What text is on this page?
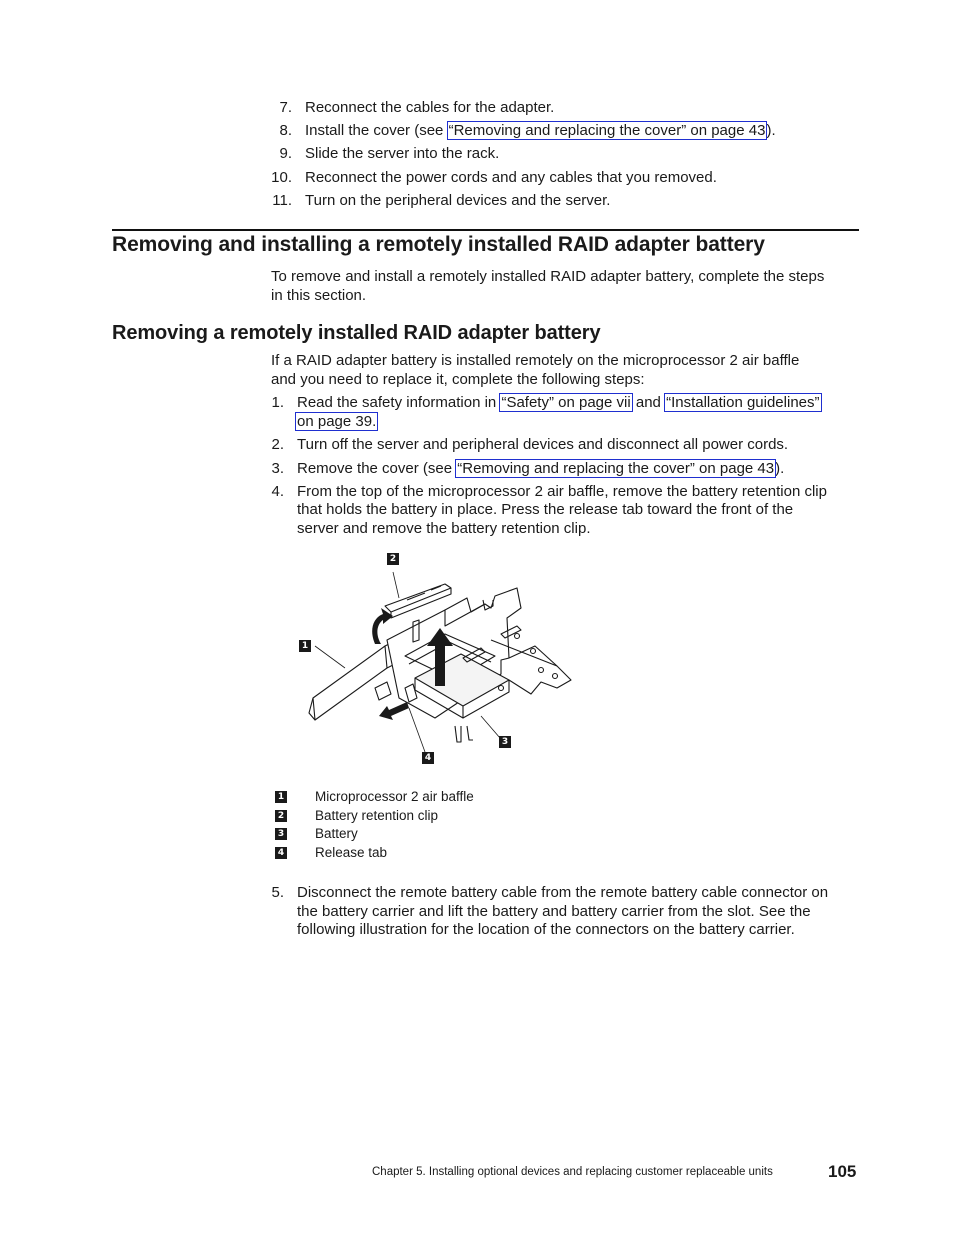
7. Reconnect the cables for the adapter.
8. Install the cover (see “Removing and replacing the cover” on page 43).
9. Slide the server into the rack.
10. Reconnect the power cords and any cables that you removed.
11. Turn on the peripheral devices and the server.
Removing and installing a remotely installed RAID adapter battery
To remove and install a remotely installed RAID adapter battery, complete the steps
in this section.
Removing a remotely installed RAID adapter battery
If a RAID adapter battery is installed remotely on the microprocessor 2 air baffle
and you need to replace it, complete the following steps:
1. Read the safety information in “Safety” on page vii and “Installation guidelines”
on page 39.
2. Turn off the server and peripheral devices and disconnect all power cords.
3. Remove the cover (see “Removing and replacing the cover” on page 43).
4. From the top of the microprocessor 2 air baffle, remove the battery retention clip
that holds the battery in place. Press the release tab toward the front of the
server and remove the battery retention clip.
2
1
3
4
1 Microprocessor 2 air baffle
2 Battery retention clip
3 Battery
4 Release tab
5. Disconnect the remote battery cable from the remote battery cable connector on
the battery carrier and lift the battery and battery carrier from the slot. See the
following illustration for the location of the connectors on the battery carrier.
Chapter 5. Installing optional devices and replacing customer replaceable units	105
